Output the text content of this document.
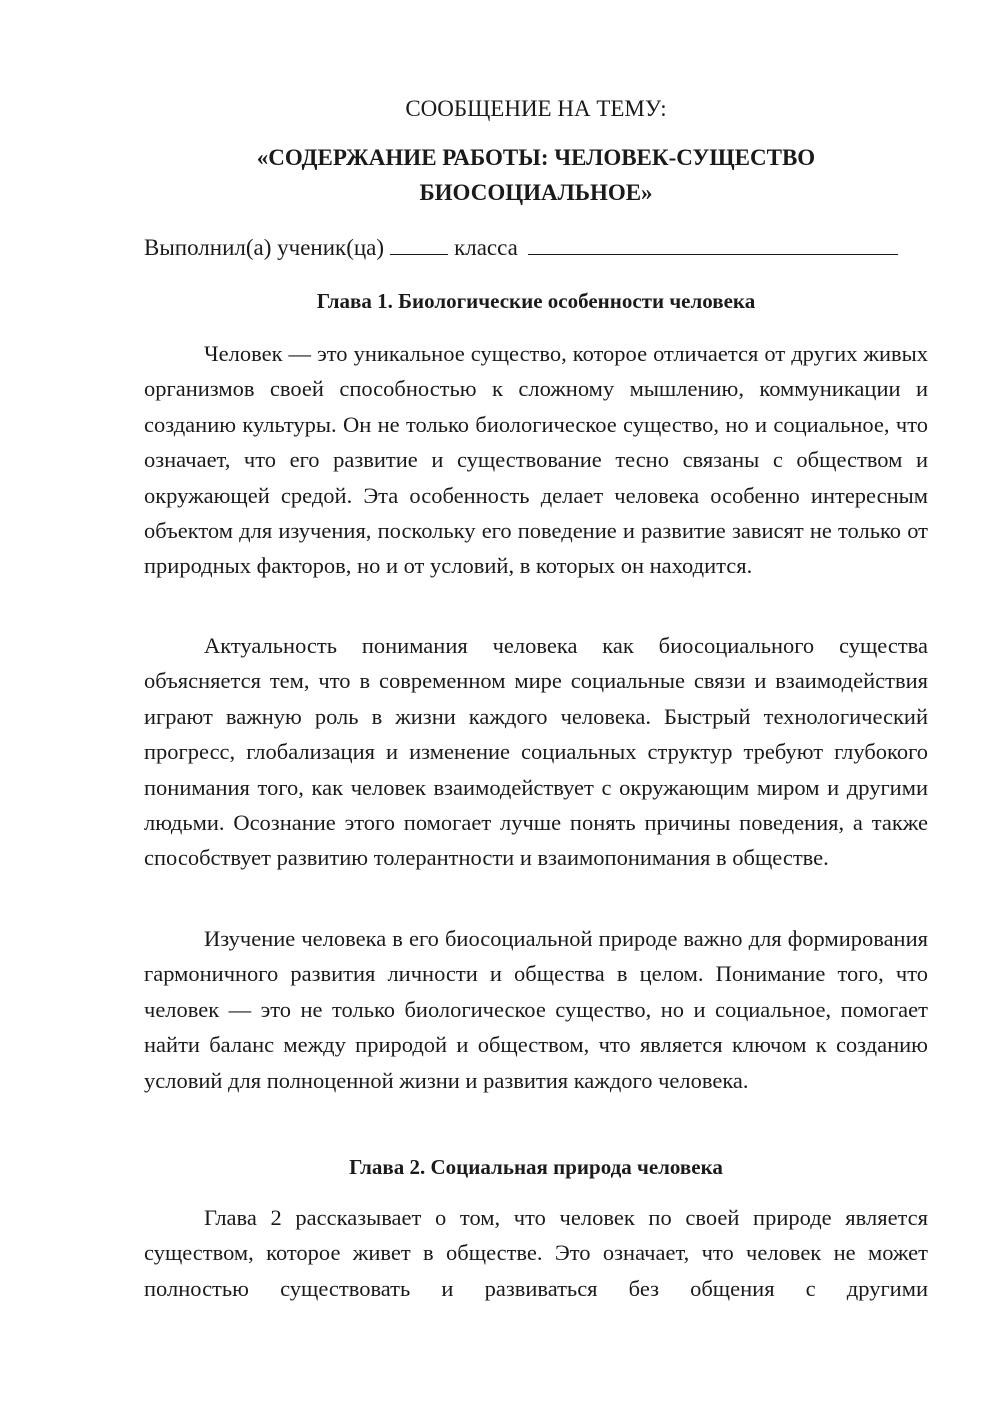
СООБЩЕНИЕ НА ТЕМУ:
«СОДЕРЖАНИЕ РАБОТЫ: ЧЕЛОВЕК-СУЩЕСТВО
БИОСОЦИАЛЬНОЕ»
Выполнил(а) ученик(ца)	класса
Глава 1. Биологические особенности человека

Человек — это уникальное существо, которое отличается от других живых организмов своей способностью к сложному мышлению, коммуникации и созданию культуры. Он не только биологическое существо, но и социальное, что означает, что его развитие и существование тесно связаны с обществом и окружающей средой. Эта особенность делает человека особенно интересным объектом для изучения, поскольку его поведение и развитие зависят не только от природных факторов, но и от условий, в которых он находится.

Актуальность понимания человека как биосоциального существа объясняется тем, что в современном мире социальные связи и взаимодействия играют важную роль в жизни каждого человека. Быстрый технологический прогресс, глобализация и изменение социальных структур требуют глубокого понимания того, как человек взаимодействует с окружающим миром и другими людьми. Осознание этого помогает лучше понять причины поведения, а также способствует развитию толерантности и взаимопонимания в обществе.

Изучение человека в его биосоциальной природе важно для формирования гармоничного развития личности и общества в целом. Понимание того, что человек — это не только биологическое существо, но и социальное, помогает найти баланс между природой и обществом, что является ключом к созданию условий для полноценной жизни и развития каждого человека.

Глава 2. Социальная природа человека

Глава 2 рассказывает о том, что человек по своей природе является существом, которое живет в обществе. Это означает, что человек не может полностью существовать и развиваться без общения с другими
